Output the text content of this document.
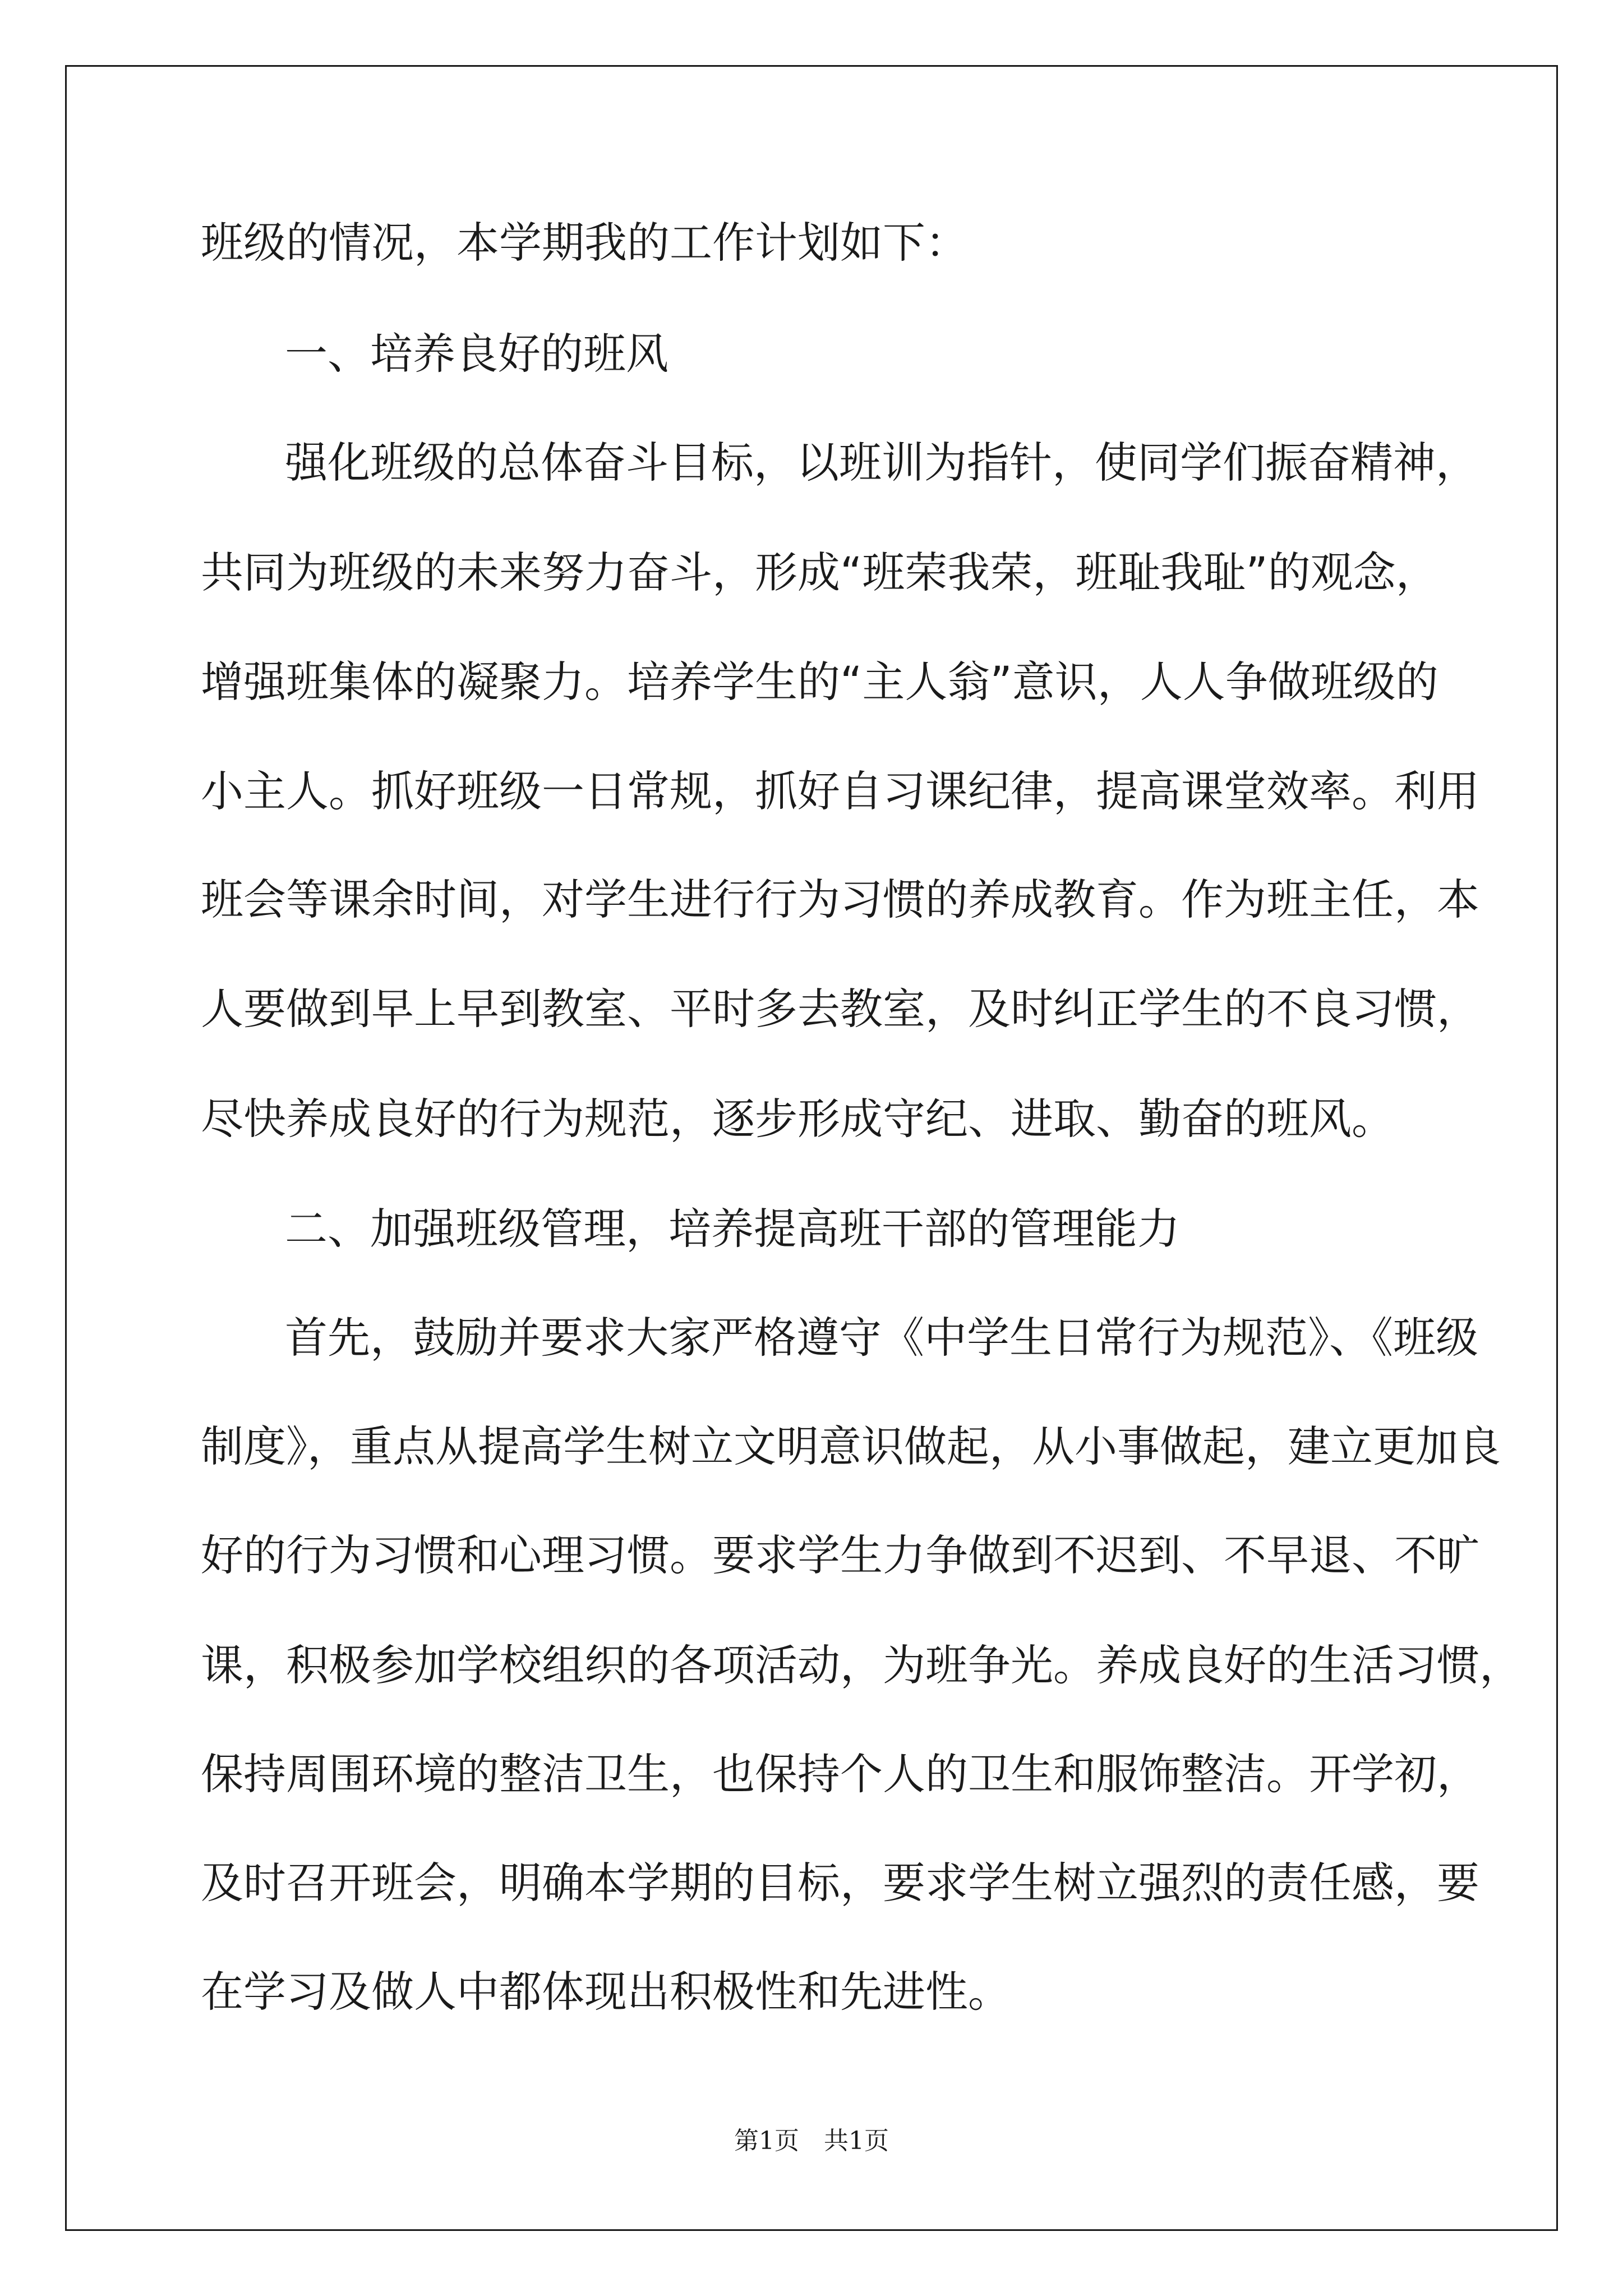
班级的情况，本学期我的工作计划如下：
一、培养良好的班风
强化班级的总体奋斗目标，以班训为指针，使同学们振奋精神，
共同为班级的未来努力奋斗，形成“班荣我荣，班耻我耻”的观念，
增强班集体的凝聚力。培养学生的“主人翁”意识，人人争做班级的
小主人。抓好班级一日常规，抓好自习课纪律，提高课堂效率。利用
班会等课余时间，对学生进行行为习惯的养成教育。作为班主任，本
人要做到早上早到教室、平时多去教室，及时纠正学生的不良习惯，
尽快养成良好的行为规范，逐步形成守纪、进取、勤奋的班风。
二、加强班级管理，培养提高班干部的管理能力
首先，鼓励并要求大家严格遵守《中学生日常行为规范》、《班级
制度》，重点从提高学生树立文明意识做起，从小事做起，建立更加良
好的行为习惯和心理习惯。要求学生力争做到不迟到、不早退、不旷
课，积极参加学校组织的各项活动，为班争光。养成良好的生活习惯，
保持周围环境的整洁卫生，也保持个人的卫生和服饰整洁。开学初，
及时召开班会，明确本学期的目标，要求学生树立强烈的责任感，要
在学习及做人中都体现出积极性和先进性。
第1页　共1页
